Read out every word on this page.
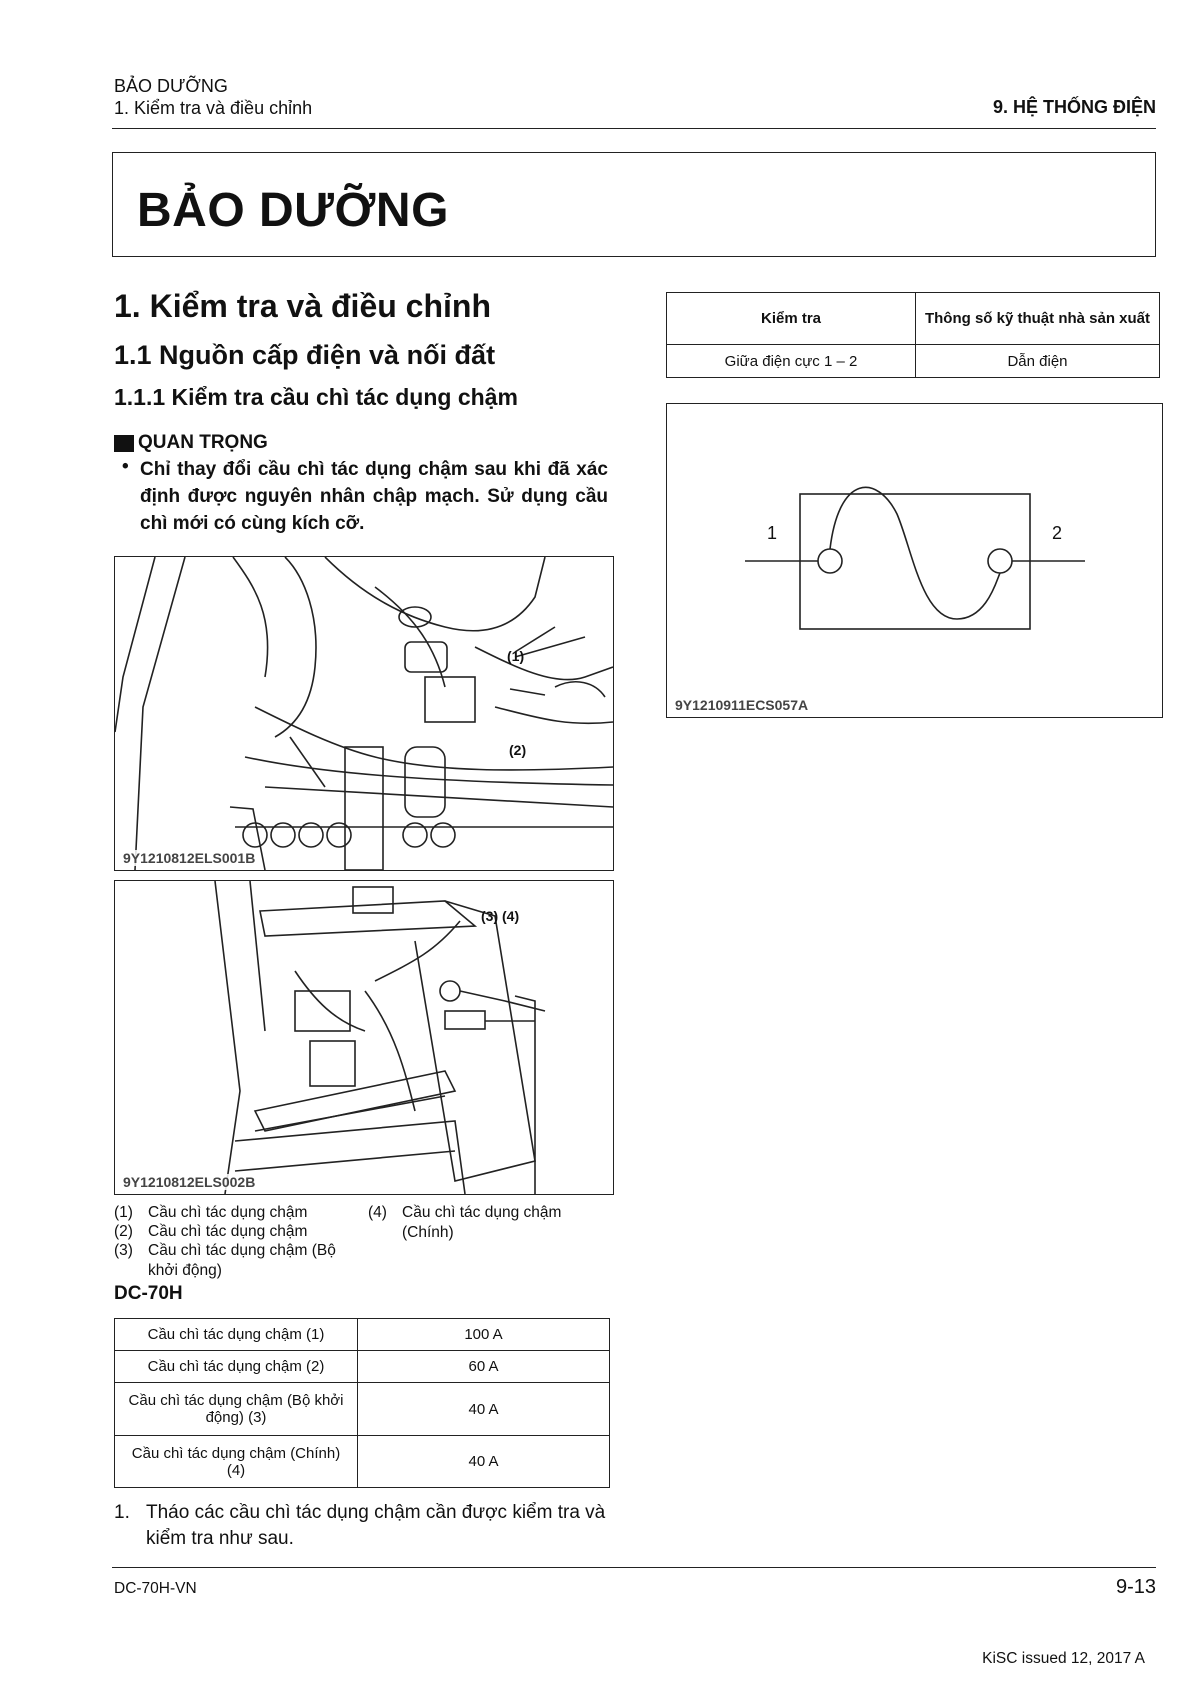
BẢO DƯỠNG
1. Kiểm tra và điều chỉnh	9. HỆ THỐNG ĐIỆN
BẢO DƯỠNG
1. Kiểm tra và điều chỉnh
1.1 Nguồn cấp điện và nối đất
1.1.1 Kiểm tra cầu chì tác dụng chậm
QUAN TRỌNG
• Chỉ thay đổi cầu chì tác dụng chậm sau khi đã xác định được nguyên nhân chập mạch. Sử dụng cầu chì mới có cùng kích cỡ.
(1)
(2)
9Y1210812ELS001B
(3) (4)
9Y1210812ELS002B
(1) Cầu chì tác dụng chậm
(2) Cầu chì tác dụng chậm
(3) Cầu chì tác dụng chậm (Bộ khởi động)
(4) Cầu chì tác dụng chậm (Chính)
DC-70H
Cầu chì tác dụng chậm (1)	100 A
Cầu chì tác dụng chậm (2)	60 A
Cầu chì tác dụng chậm (Bộ khởi động) (3)	40 A
Cầu chì tác dụng chậm (Chính) (4)	40 A
1. Tháo các cầu chì tác dụng chậm cần được kiểm tra và kiểm tra như sau.
Kiểm tra	Thông số kỹ thuật nhà sản xuất
Giữa điện cực 1 – 2	Dẫn điện
1	2
9Y1210911ECS057A
DC-70H-VN	9-13
KiSC issued 12, 2017 A
